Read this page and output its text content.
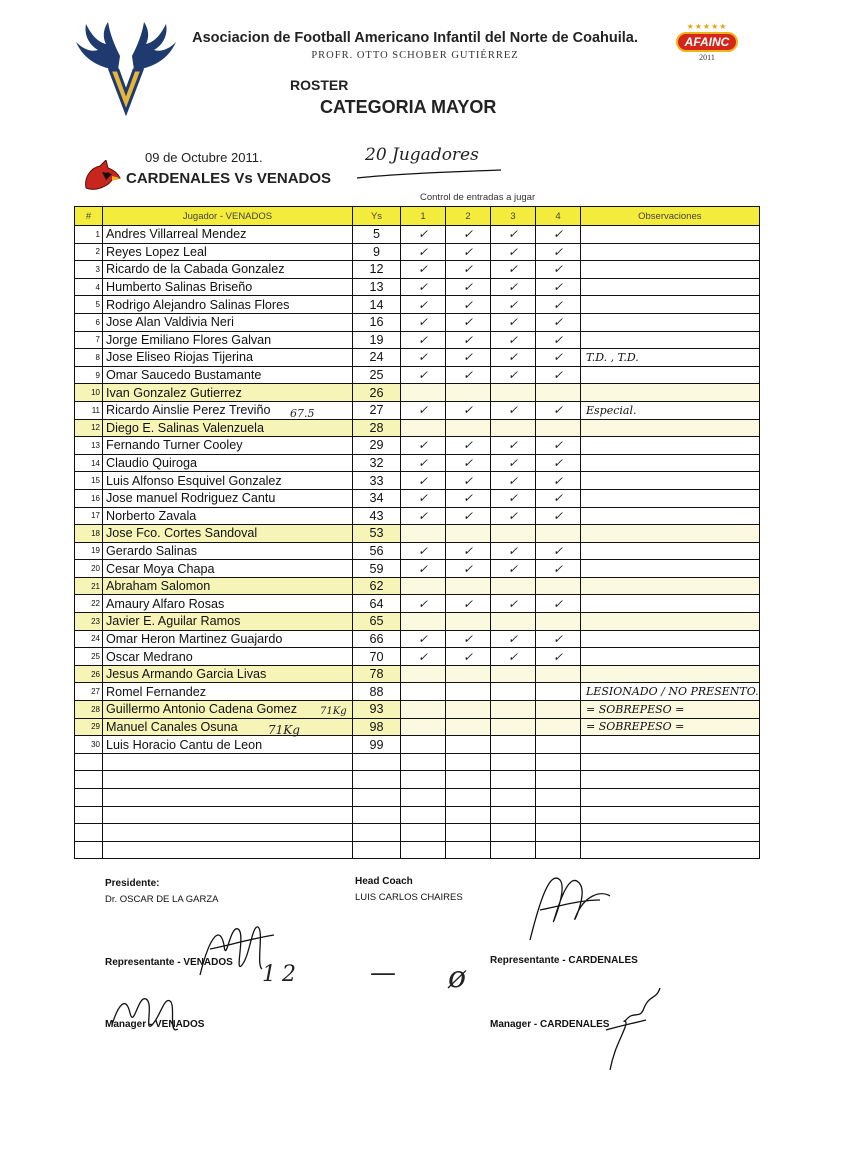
Asociacion de Football Americano Infantil del Norte de Coahuila.
PROFR. OTTO SCHOBER GUTIÉRREZ
★★★★★
AFAINC
2011
ROSTER
CATEGORIA MAYOR
09 de Octubre 2011.
CARDENALES Vs VENADOS
20 Jugadores
Control de entradas a jugar
#	Jugador - VENADOS	Ys	1	2	3	4	Observaciones
1	Andres Villarreal Mendez	5	✓	✓	✓	✓	
2	Reyes Lopez Leal	9	✓	✓	✓	✓	
3	Ricardo de la Cabada Gonzalez	12	✓	✓	✓	✓	
4	Humberto Salinas Briseño	13	✓	✓	✓	✓	
5	Rodrigo Alejandro Salinas Flores	14	✓	✓	✓	✓	
6	Jose Alan Valdivia Neri	16	✓	✓	✓	✓	
7	Jorge Emiliano Flores Galvan	19	✓	✓	✓	✓	
8	Jose Eliseo Riojas Tijerina	24	✓	✓	✓	✓	T.D. , T.D.
9	Omar Saucedo Bustamante	25	✓	✓	✓	✓	
10	Ivan Gonzalez Gutierrez	26					
11	Ricardo Ainslie Perez Treviño	27	✓	✓	✓	✓	Especial.
12	Diego E. Salinas Valenzuela	28					
13	Fernando Turner Cooley	29	✓	✓	✓	✓	
14	Claudio Quiroga	32	✓	✓	✓	✓	
15	Luis Alfonso Esquivel Gonzalez	33	✓	✓	✓	✓	
16	Jose manuel Rodriguez Cantu	34	✓	✓	✓	✓	
17	Norberto Zavala	43	✓	✓	✓	✓	
18	Jose Fco. Cortes Sandoval	53					
19	Gerardo Salinas	56	✓	✓	✓	✓	
20	Cesar Moya Chapa	59	✓	✓	✓	✓	
21	Abraham Salomon	62					
22	Amaury Alfaro Rosas	64	✓	✓	✓	✓	
23	Javier E. Aguilar Ramos	65					
24	Omar Heron Martinez Guajardo	66	✓	✓	✓	✓	
25	Oscar Medrano	70	✓	✓	✓	✓	
26	Jesus Armando Garcia Livas	78					
27	Romel Fernandez	88					LESIONADO / NO PRESENTO.
28	Guillermo Antonio Cadena Gomez	93					= SOBREPESO =
29	Manuel Canales Osuna	98					= SOBREPESO =
30	Luis Horacio Cantu de Leon	99					

67.5
71Kg
71Kg
Presidente:
Dr. OSCAR DE LA GARZA
Head Coach
LUIS CARLOS CHAIRES
Representante - VENADOS	Representante - CARDENALES
Manager - VENADOS	Manager - CARDENALES
12	— ø
